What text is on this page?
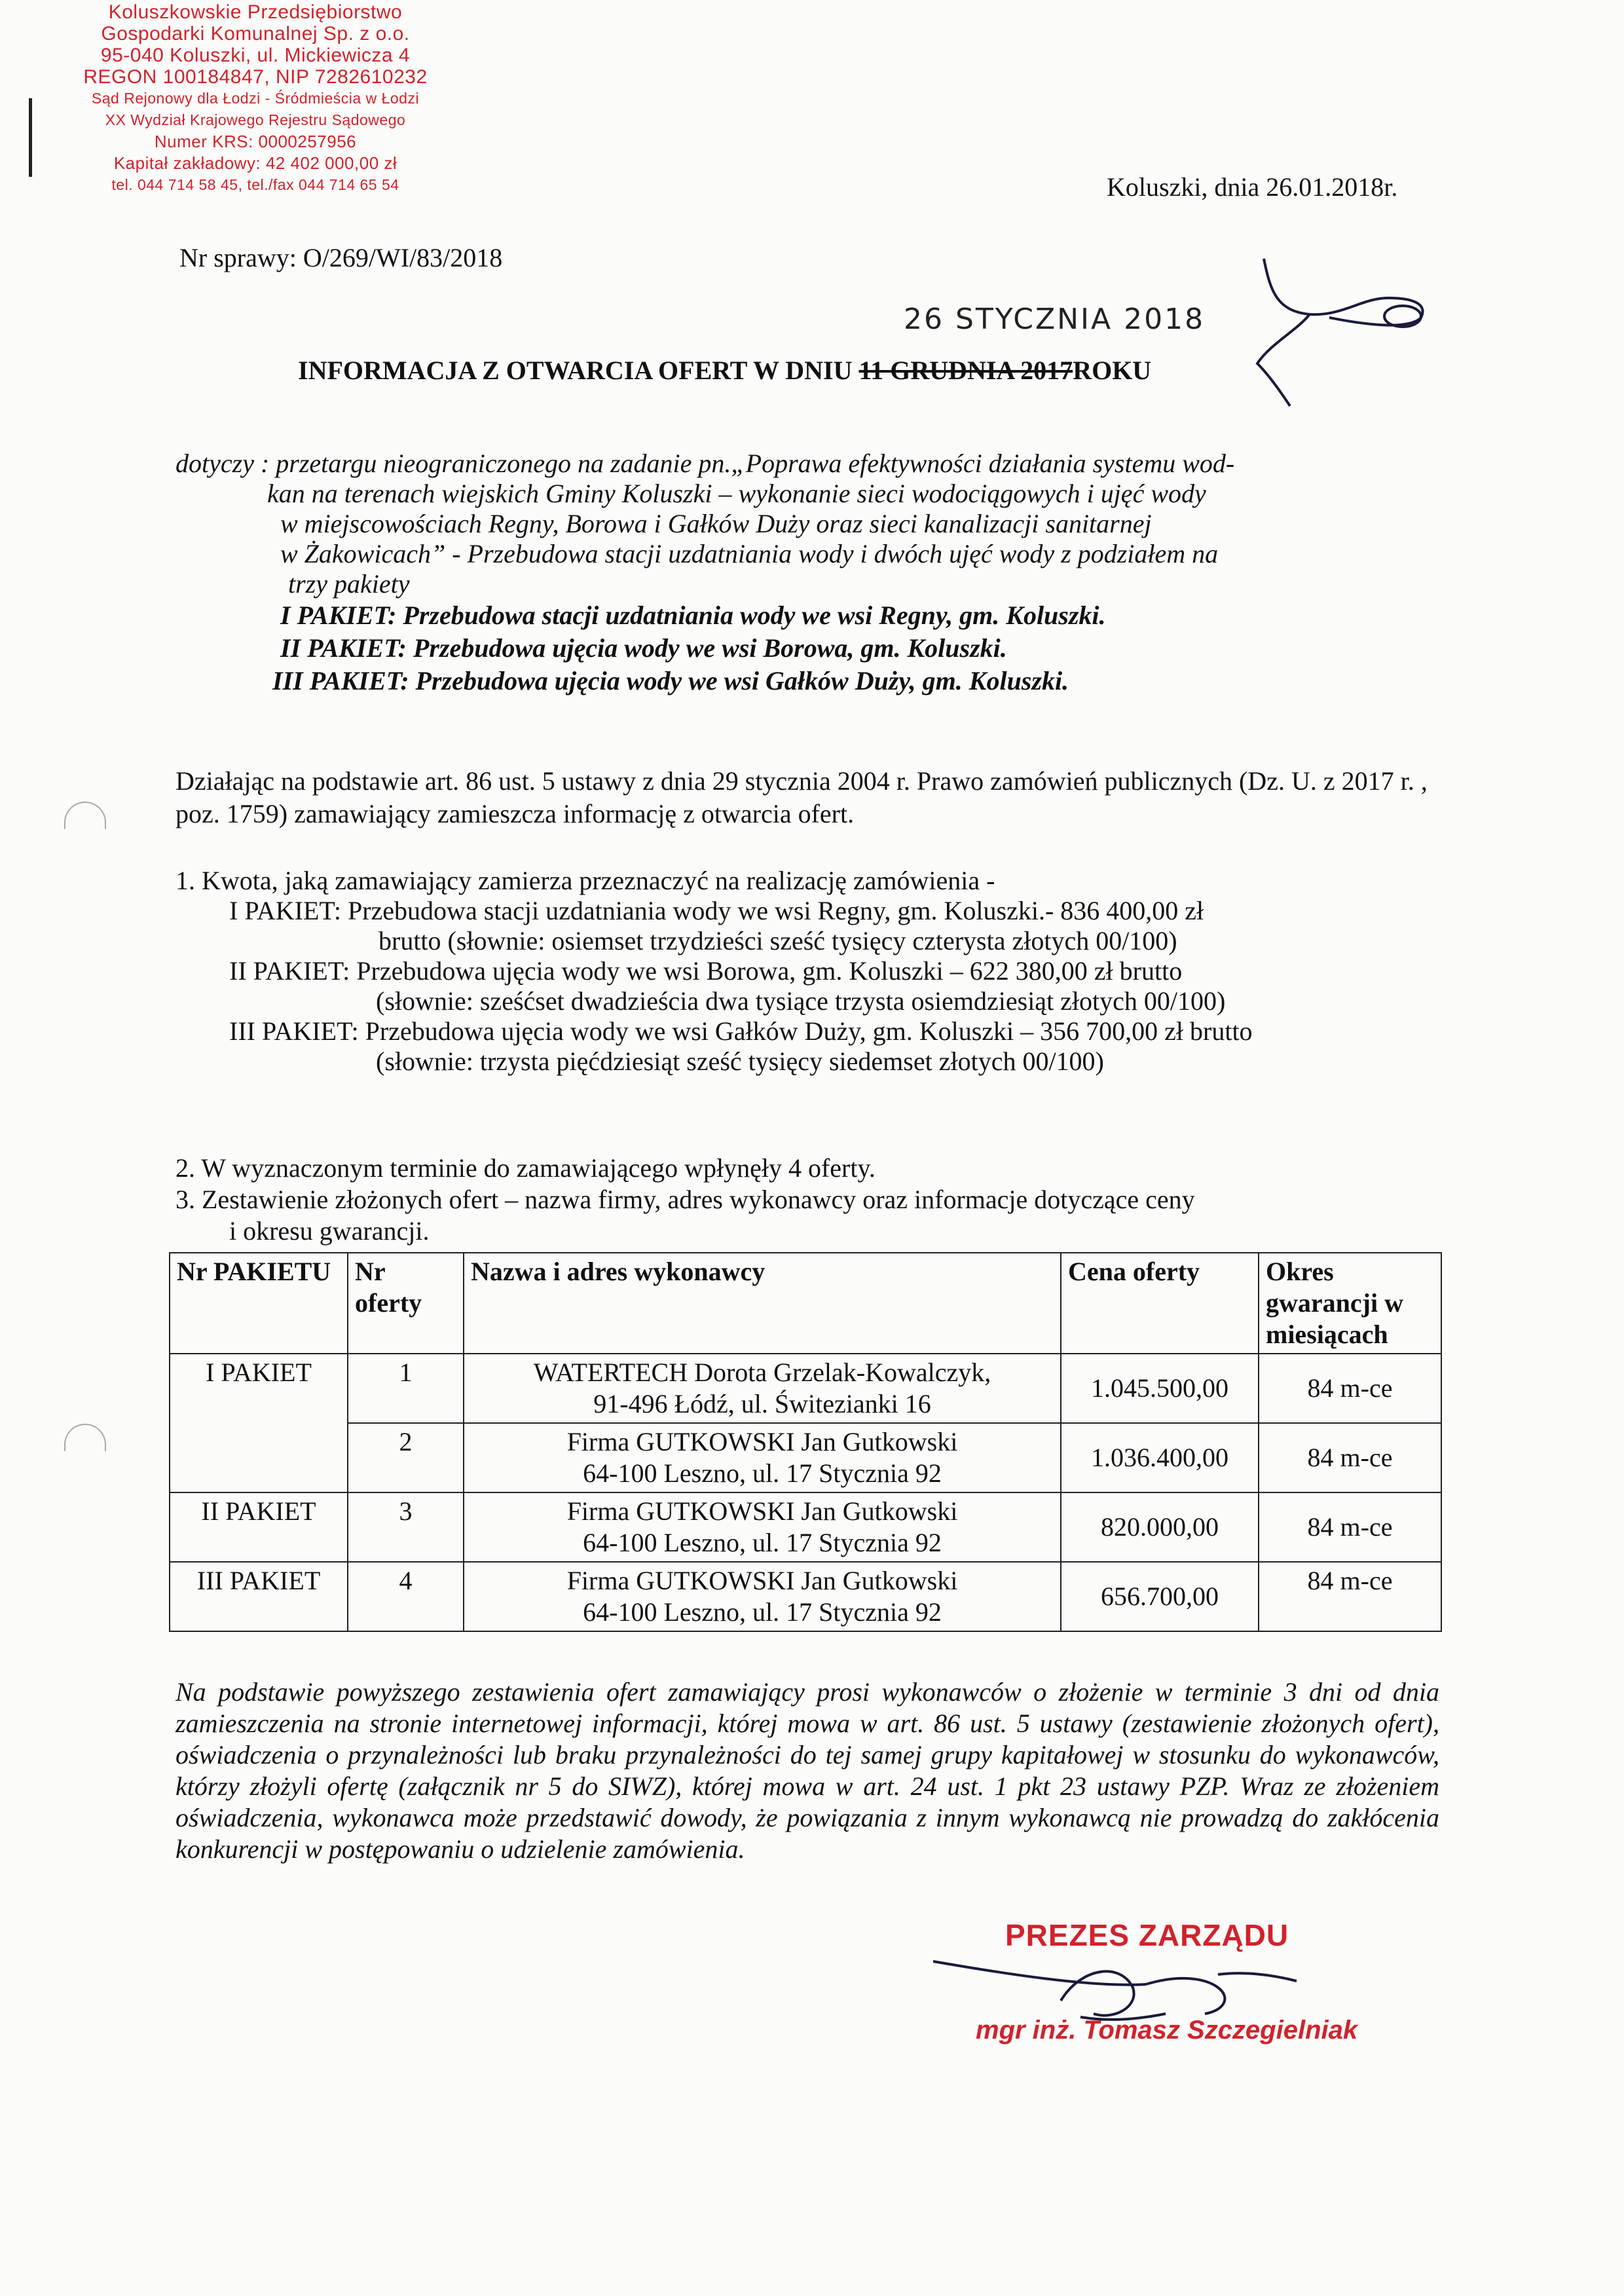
Koluszkowskie Przedsiębiorstwo
Gospodarki Komunalnej Sp. z o.o.
95-040 Koluszki, ul. Mickiewicza 4
REGON 100184847, NIP 7282610232
Sąd Rejonowy dla Łodzi - Śródmieścia w Łodzi
XX Wydział Krajowego Rejestru Sądowego
Numer KRS: 0000257956
Kapitał zakładowy: 42 402 000,00 zł
tel. 044 714 58 45, tel./fax 044 714 65 54	Koluszki, dnia 26.01.2018r.
Nr sprawy: O/269/WI/83/2018
26 STYCZNIA 2018
INFORMACJA Z OTWARCIA OFERT W DNIU 11 GRUDNIA 2017ROKU
dotyczy : przetargu nieograniczonego na zadanie pn.„Poprawa efektywności działania systemu wod-
kan na terenach wiejskich Gminy Koluszki – wykonanie sieci wodociągowych i ujęć wody
w miejscowościach Regny, Borowa i Gałków Duży oraz sieci kanalizacji sanitarnej
w Żakowicach” - Przebudowa stacji uzdatniania wody i dwóch ujęć wody z podziałem na
trzy pakiety
I PAKIET: Przebudowa stacji uzdatniania wody we wsi Regny, gm. Koluszki.
II PAKIET: Przebudowa ujęcia wody we wsi Borowa, gm. Koluszki.
III PAKIET: Przebudowa ujęcia wody we wsi Gałków Duży, gm. Koluszki.
Działając na podstawie art. 86 ust. 5 ustawy z dnia 29 stycznia 2004 r. Prawo zamówień publicznych (Dz. U. z 2017 r. , poz. 1759) zamawiający zamieszcza informację z otwarcia ofert.
1. Kwota, jaką zamawiający zamierza przeznaczyć na realizację zamówienia -
I PAKIET: Przebudowa stacji uzdatniania wody we wsi Regny, gm. Koluszki.- 836 400,00 zł
brutto (słownie: osiemset trzydzieści sześć tysięcy czterysta złotych 00/100)
II PAKIET: Przebudowa ujęcia wody we wsi Borowa, gm. Koluszki – 622 380,00 zł brutto
(słownie: sześćset dwadzieścia dwa tysiące trzysta osiemdziesiąt złotych 00/100)
III PAKIET: Przebudowa ujęcia wody we wsi Gałków Duży, gm. Koluszki – 356 700,00 zł brutto
(słownie: trzysta pięćdziesiąt sześć tysięcy siedemset złotych 00/100)
2. W wyznaczonym terminie do zamawiającego wpłynęły 4 oferty.
3. Zestawienie złożonych ofert – nazwa firmy, adres wykonawcy oraz informacje dotyczące ceny
i okresu gwarancji.
Nr PAKIETU	Nr oferty	Nazwa i adres wykonawcy	Cena oferty	Okres gwarancji w miesiącach
I PAKIET	1	WATERTECH Dorota Grzelak-Kowalczyk,
91-496 Łódź, ul. Świtezianki 16	1.045.500,00	84 m-ce
	2	Firma GUTKOWSKI Jan Gutkowski
64-100 Leszno, ul. 17 Stycznia 92	1.036.400,00	84 m-ce
II PAKIET	3	Firma GUTKOWSKI Jan Gutkowski
64-100 Leszno, ul. 17 Stycznia 92	820.000,00	84 m-ce
III PAKIET	4	Firma GUTKOWSKI Jan Gutkowski
64-100 Leszno, ul. 17 Stycznia 92	656.700,00	84 m-ce
Na podstawie powyższego zestawienia ofert zamawiający prosi wykonawców o złożenie w terminie 3 dni od dnia zamieszczenia na stronie internetowej informacji, której mowa w art. 86 ust. 5 ustawy (zestawienie złożonych ofert), oświadczenia o przynależności lub braku przynależności do tej samej grupy kapitałowej w stosunku do wykonawców, którzy złożyli ofertę (załącznik nr 5 do SIWZ), której mowa w art. 24 ust. 1 pkt 23 ustawy PZP. Wraz ze złożeniem oświadczenia, wykonawca może przedstawić dowody, że powiązania z innym wykonawcą nie prowadzą do zakłócenia konkurencji w postępowaniu o udzielenie zamówienia.
PREZES ZARZĄDU
mgr inż. Tomasz Szczegielniak
